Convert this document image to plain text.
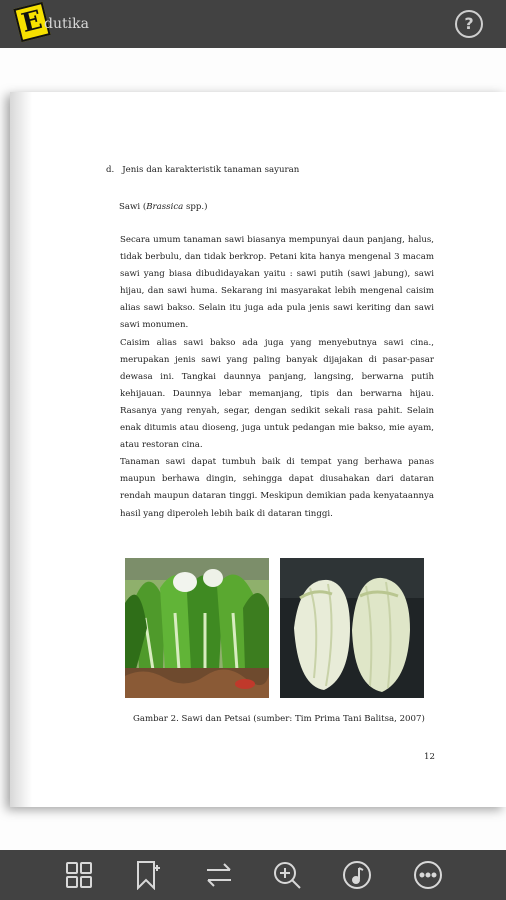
E
dutika	?
d. Jenis dan karakteristik tanaman sayuran
Sawi (Brassica spp.)

Secara umum tanaman sawi biasanya mempunyai daun panjang, halus, tidak berbulu, dan tidak berkrop. Petani kita hanya mengenal 3 macam sawi yang biasa dibudidayakan yaitu : sawi putih (sawi jabung), sawi hijau, dan sawi huma. Sekarang ini masyarakat lebih mengenal caisim alias sawi bakso. Selain itu juga ada pula jenis sawi keriting dan sawi sawi monumen.

Caisim alias sawi bakso ada juga yang menyebutnya sawi cina., merupakan jenis sawi yang paling banyak dijajakan di pasar-pasar dewasa ini. Tangkai daunnya panjang, langsing, berwarna putih kehijauan. Daunnya lebar memanjang, tipis dan berwarna hijau. Rasanya yang renyah, segar, dengan sedikit sekali rasa pahit. Selain enak ditumis atau dioseng, juga untuk pedangan mie bakso, mie ayam, atau restoran cina.

Tanaman sawi dapat tumbuh baik di tempat yang berhawa panas maupun berhawa dingin, sehingga dapat diusahakan dari dataran rendah maupun dataran tinggi. Meskipun demikian pada kenyataannya hasil yang diperoleh lebih baik di dataran tinggi.

Gambar 2. Sawi dan Petsai (sumber: Tim Prima Tani Balitsa, 2007)
12
